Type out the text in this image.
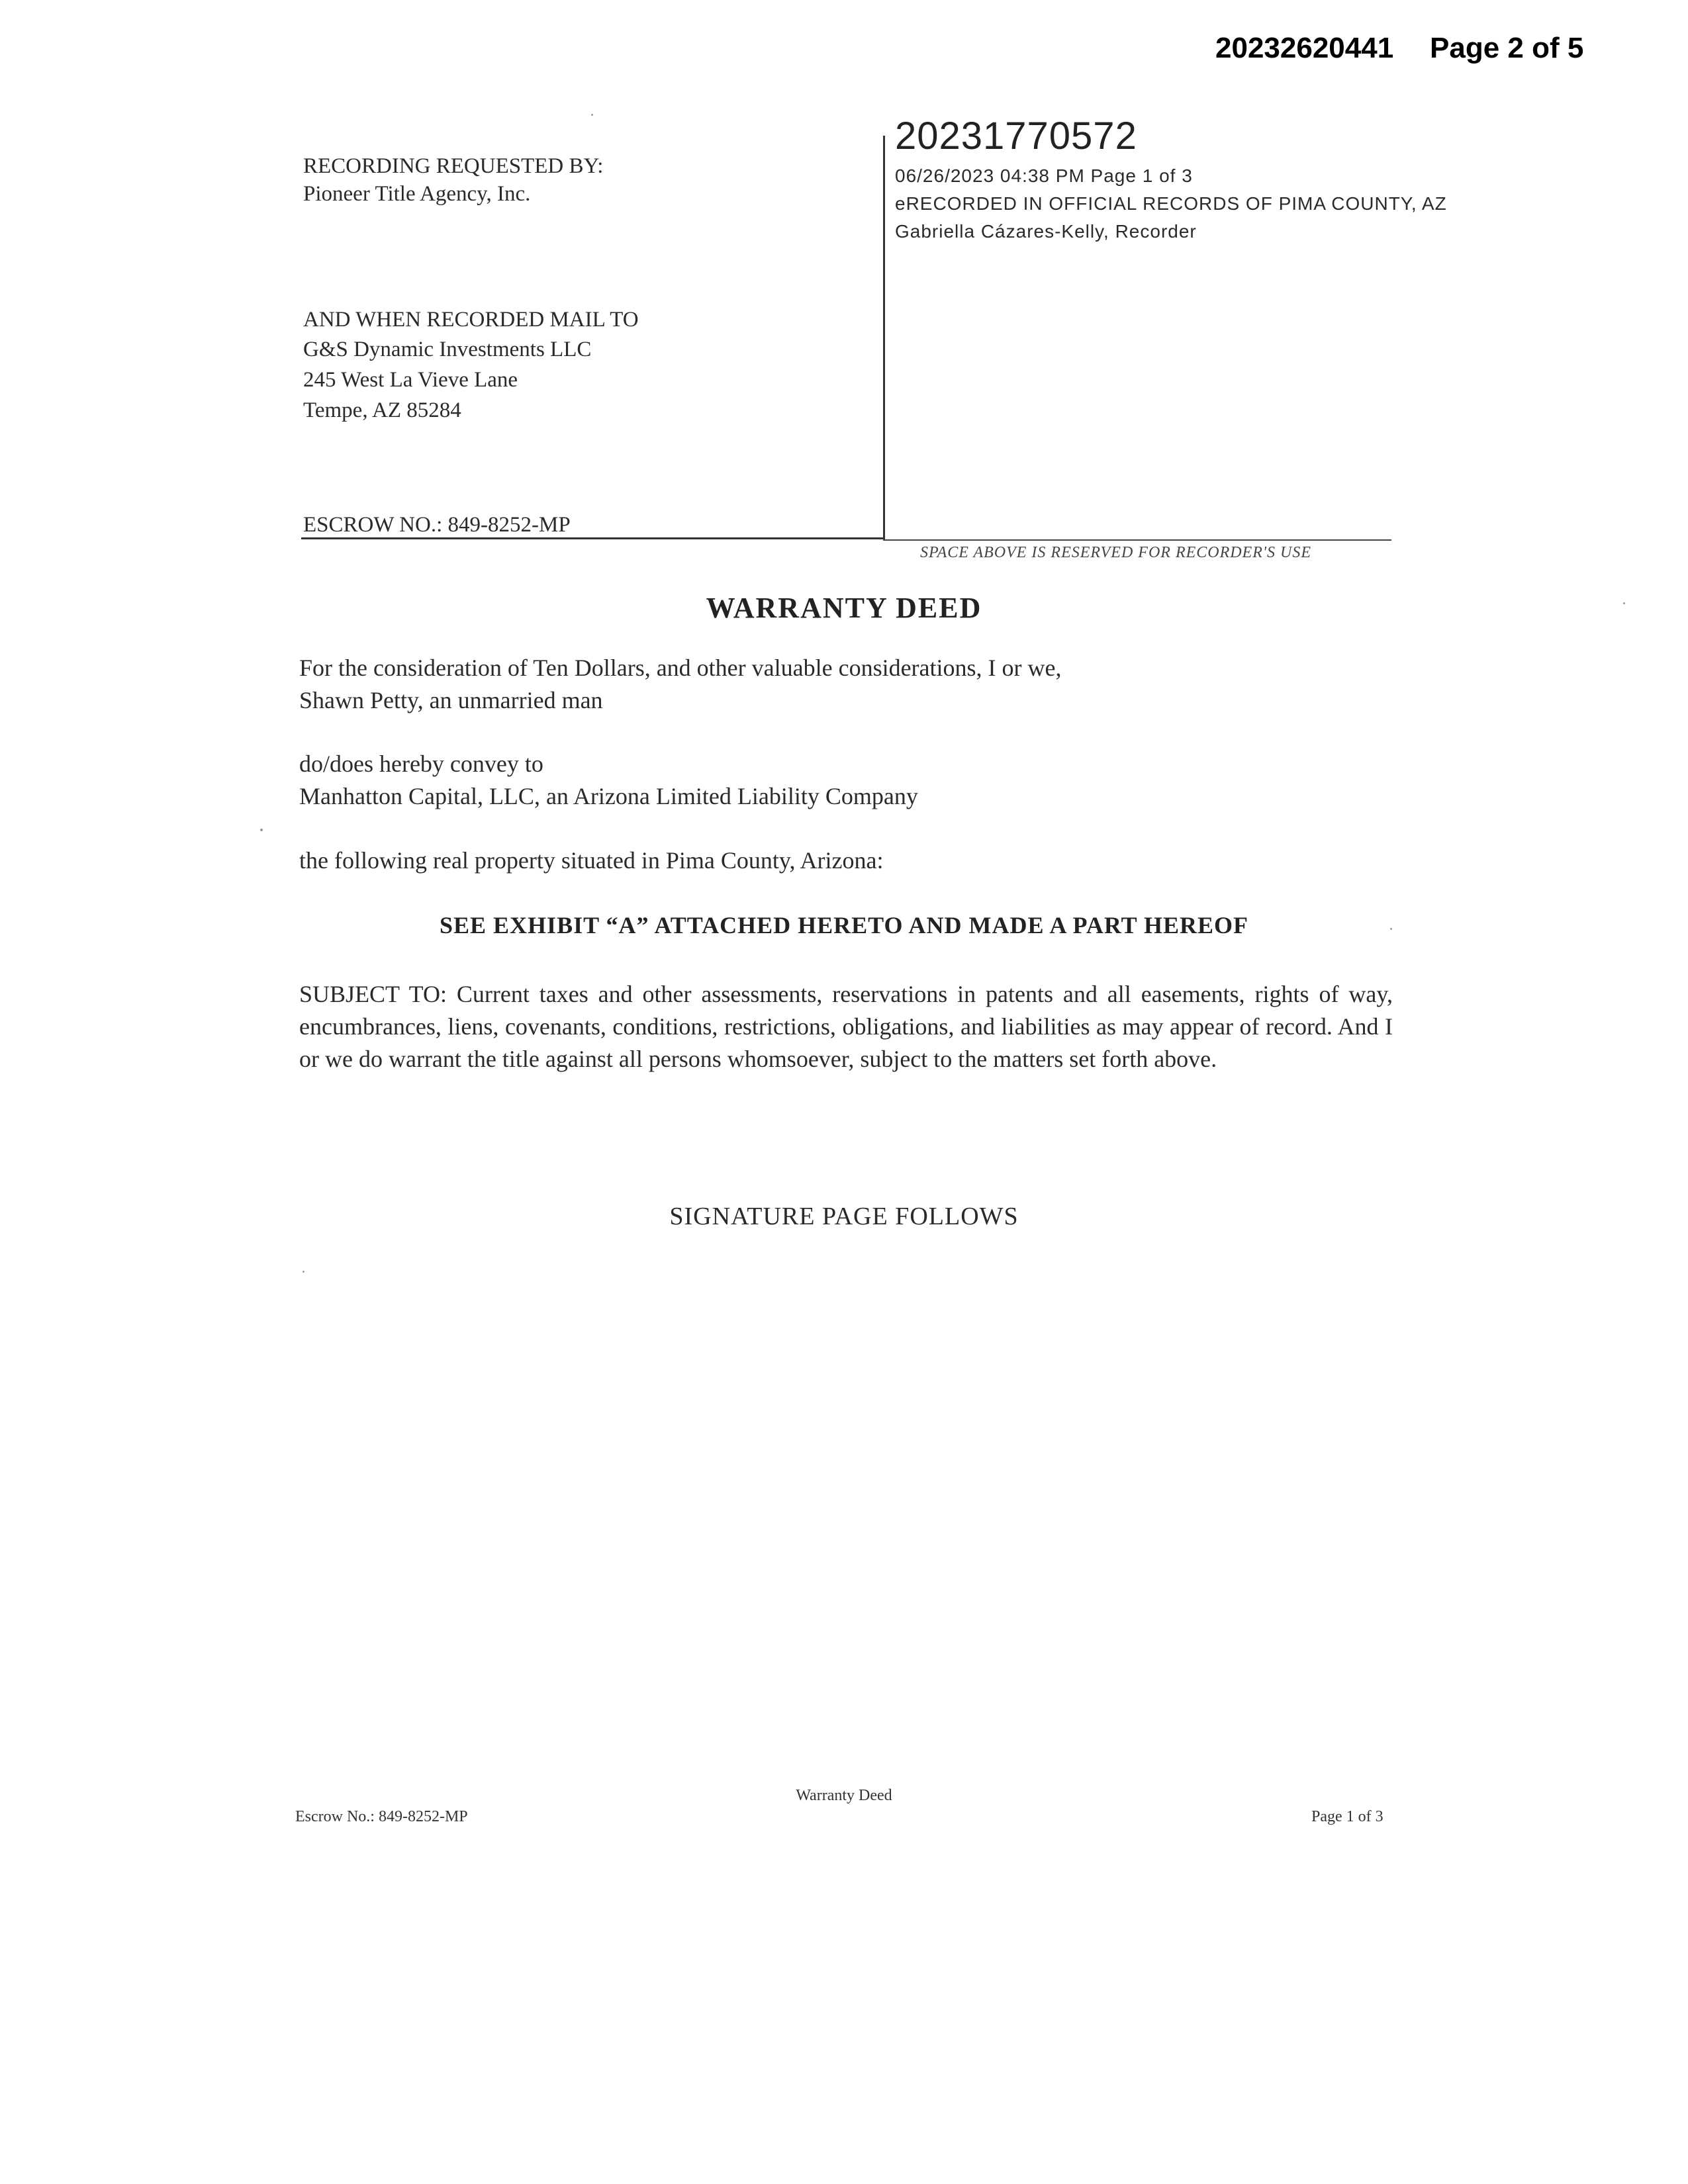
20232620441 Page 2 of 5
RECORDING REQUESTED BY:
Pioneer Title Agency, Inc.
AND WHEN RECORDED MAIL TO
G&S Dynamic Investments LLC
245 West La Vieve Lane
Tempe, AZ 85284
ESCROW NO.: 849-8252-MP
20231770572
06/26/2023 04:38 PM Page 1 of 3
eRECORDED IN OFFICIAL RECORDS OF PIMA COUNTY, AZ
Gabriella Cázares-Kelly, Recorder
SPACE ABOVE IS RESERVED FOR RECORDER'S USE
WARRANTY DEED
For the consideration of Ten Dollars, and other valuable considerations, I or we,
Shawn Petty, an unmarried man
do/does hereby convey to
Manhatton Capital, LLC, an Arizona Limited Liability Company
the following real property situated in Pima County, Arizona:
SEE EXHIBIT “A” ATTACHED HERETO AND MADE A PART HEREOF
SUBJECT TO: Current taxes and other assessments, reservations in patents and all easements, rights of way, encumbrances, liens, covenants, conditions, restrictions, obligations, and liabilities as may appear of record. And I or we do warrant the title against all persons whomsoever, subject to the matters set forth above.
SIGNATURE PAGE FOLLOWS
Warranty Deed
Escrow No.: 849-8252-MP	Page 1 of 3
